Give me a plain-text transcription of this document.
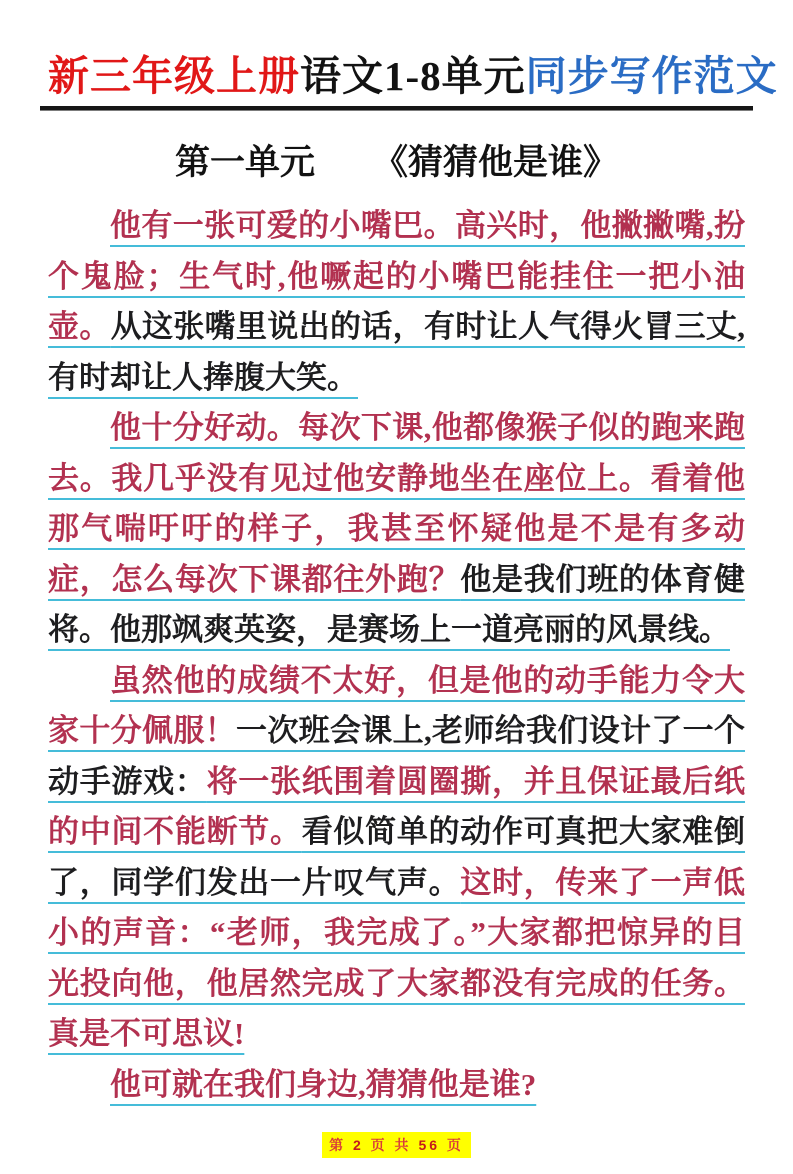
新三年级上册语文1-8单元同步写作范文
第一单元 《猜猜他是谁》

他有一张可爱的小嘴巴。高兴时，他撇撇嘴,扮个鬼脸；生气时,他噘起的小嘴巴能挂住一把小油壶。从这张嘴里说出的话，有时让人气得火冒三丈,有时却让人捧腹大笑。

他十分好动。每次下课,他都像猴子似的跑来跑去。我几乎没有见过他安静地坐在座位上。看着他那气喘吁吁的样子，我甚至怀疑他是不是有多动症，怎么每次下课都往外跑？他是我们班的体育健将。他那飒爽英姿，是赛场上一道亮丽的风景线。

虽然他的成绩不太好，但是他的动手能力令大家十分佩服！一次班会课上,老师给我们设计了一个动手游戏：将一张纸围着圆圈撕，并且保证最后纸的中间不能断节。看似简单的动作可真把大家难倒了，同学们发出一片叹气声。这时，传来了一声低小的声音：“老师，我完成了。”大家都把惊异的目光投向他，他居然完成了大家都没有完成的任务。真是不可思议!

他可就在我们身边,猜猜他是谁?

第 2 页 共 56 页
